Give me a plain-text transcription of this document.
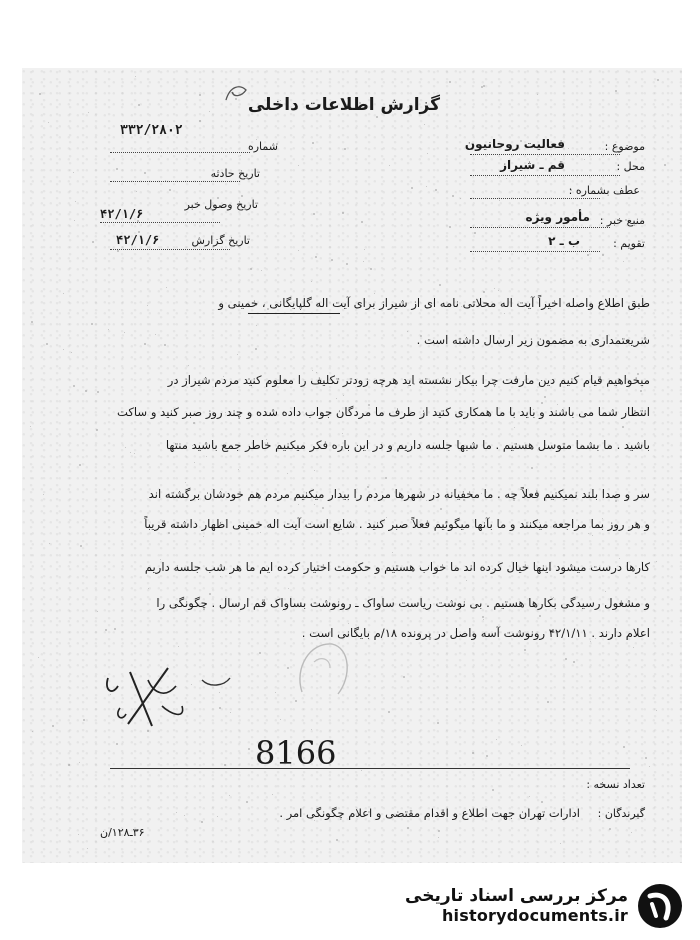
گزارش اطلاعات داخلی
موضوع :
فعالیت روحانیون
محل :
قم ـ شیراز
عطف بشماره :
منبع خبر :
مأمور ویژه
تقویم :
ب ـ ۲
۳۳۲/۲۸۰۲
شماره
تاریخ حادثه
تاریخ وصول خبر
۴۲/۱/۶
تاریخ گزارش
۴۲/۱/۶
طبق اطلاع واصله اخیراً آیت اله محلاتی نامه ای از شیراز برای آیت اله گلپایگانی ، خمینی و
شریعتمداری به مضمون زیر ارسال داشته است .
میخواهیم قیام کنیم دین مارفت چرا بیکار نشسته اید هرچه زودتر تکلیف را معلوم کنید مردم شیراز در
انتظار شما می باشند و باید با ما همکاری کنید از طرف ما مردگان جواب داده شده و چند روز صبر کنید و ساکت
باشید . ما بشما متوسل هستیم . ما شبها جلسه داریم و در این باره فکر میکنیم خاطر جمع باشید منتها
سر و صدا بلند نمیکنیم فعلاً چه . ما مخفیانه در شهرها مردم را بیدار میکنیم مردم هم خودشان برگشته اند
و هر روز بما مراجعه میکنند و ما بآنها میگوئیم فعلاً صبر کنید . شایع است آیت اله خمینی اظهار داشته قریباً
کارها درست میشود اینها خیال کرده اند ما خواب هستیم و حکومت اختیار کرده ایم ما هر شب جلسه داریم
و مشغول رسیدگی بکارها هستیم . بی نوشت ریاست ساواک ـ رونوشت بساواک قم ارسال . چگونگی را
اعلام دارند . ۴۲/۱/۱۱ رونوشت آسه واصل در پرونده ۱۸/م بایگانی است .
8166
تعداد نسخه :
گیرندگان :
ادارات تهران جهت اطلاع و اقدام مقتضی و اعلام چگونگی امر .
۳۶ـ۱۲۸/ن
مرکز بررسی اسناد تاریخی
historydocuments.ir
